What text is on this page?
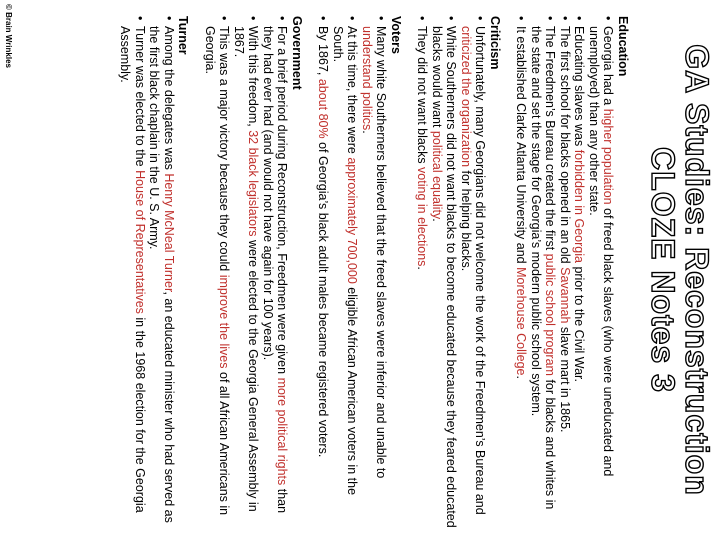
GA Studies: Reconstruction
CLOZE Notes 3
Education
• Georgia had a higher population of freed black slaves (who were uneducated and unemployed) than any other state.
• Educating slaves was forbidden in Georgia prior to the Civil War.
• The first school for blacks opened in an old Savannah slave mart in 1865.
• The Freedmen’s Bureau created the first public school program for blacks and whites in the state and set the stage for Georgia’s modern public school system.
• It established Clarke Atlanta University and Morehouse College.
Criticism
• Unfortunately, many Georgians did not welcome the work of the Freedmen’s Bureau and criticized the organization for helping blacks.
• White Southerners did not want blacks to become educated because they feared educated blacks would want political equality.
• They did not want blacks voting in elections.
Voters
• Many white Southerners believed that the freed slaves were inferior and unable to understand politics.
• At this time, there were approximately 700,000 eligible African American voters in the South.
• By 1867, about 80% of Georgia’s black adult males became registered voters.
Government
• For a brief period during Reconstruction, Freedmen were given more political rights than they had ever had (and would not have again for 100 years).
• With this freedom, 32 black legislators were elected to the Georgia General Assembly in 1867.
• This was a major victory because they could improve the lives of all African Americans in Georgia.
Turner
• Among the delegates was Henry McNeal Turner, an educated minister who had served as the first black chaplain in the U. S. Army.
• Turner was elected to the House of Representatives in the 1968 election for the Georgia Assembly.
© Brain Wrinkles
